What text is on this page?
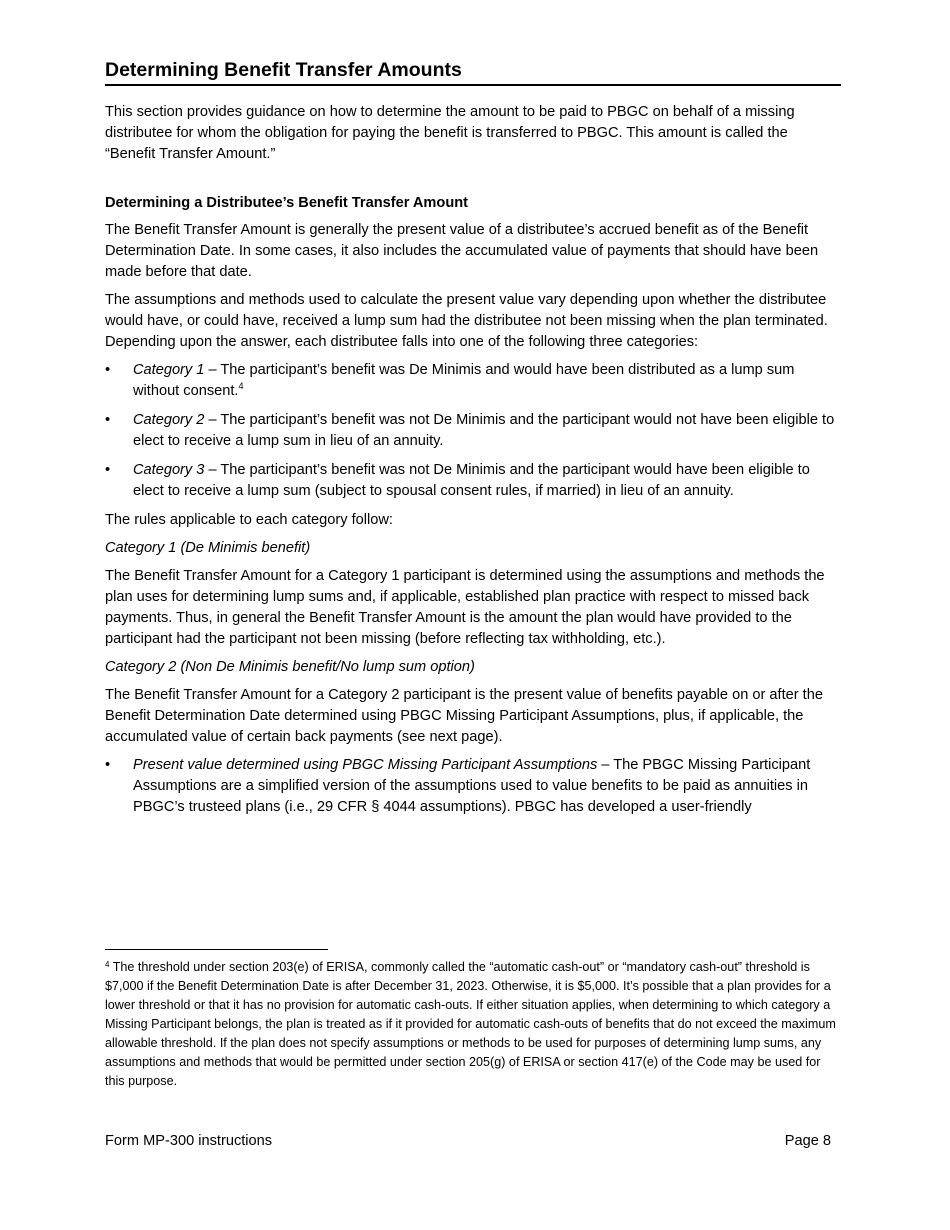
Determining Benefit Transfer Amounts

This section provides guidance on how to determine the amount to be paid to PBGC on behalf of a missing distributee for whom the obligation for paying the benefit is transferred to PBGC. This amount is called the “Benefit Transfer Amount.”

Determining a Distributee’s Benefit Transfer Amount

The Benefit Transfer Amount is generally the present value of a distributee’s accrued benefit as of the Benefit Determination Date. In some cases, it also includes the accumulated value of payments that should have been made before that date.

The assumptions and methods used to calculate the present value vary depending upon whether the distributee would have, or could have, received a lump sum had the distributee not been missing when the plan terminated. Depending upon the answer, each distributee falls into one of the following three categories:

• Category 1 – The participant’s benefit was De Minimis and would have been distributed as a lump sum without consent.$^4$
• Category 2 – The participant’s benefit was not De Minimis and the participant would not have been eligible to elect to receive a lump sum in lieu of an annuity.
• Category 3 – The participant’s benefit was not De Minimis and the participant would have been eligible to elect to receive a lump sum (subject to spousal consent rules, if married) in lieu of an annuity.

The rules applicable to each category follow:

Category 1 (De Minimis benefit)

The Benefit Transfer Amount for a Category 1 participant is determined using the assumptions and methods the plan uses for determining lump sums and, if applicable, established plan practice with respect to missed back payments. Thus, in general the Benefit Transfer Amount is the amount the plan would have provided to the participant had the participant not been missing (before reflecting tax withholding, etc.).

Category 2 (Non De Minimis benefit/No lump sum option)

The Benefit Transfer Amount for a Category 2 participant is the present value of benefits payable on or after the Benefit Determination Date determined using PBGC Missing Participant Assumptions, plus, if applicable, the accumulated value of certain back payments (see next page).

• Present value determined using PBGC Missing Participant Assumptions – The PBGC Missing Participant Assumptions are a simplified version of the assumptions used to value benefits to be paid as annuities in PBGC’s trusteed plans (i.e., 29 CFR § 4044 assumptions). PBGC has developed a user-friendly

$^4$ The threshold under section 203(e) of ERISA, commonly called the “automatic cash-out” or “mandatory cash-out” threshold is $7,000 if the Benefit Determination Date is after December 31, 2023. Otherwise, it is $5,000. It’s possible that a plan provides for a lower threshold or that it has no provision for automatic cash-outs. If either situation applies, when determining to which category a Missing Participant belongs, the plan is treated as if it provided for automatic cash-outs of benefits that do not exceed the maximum allowable threshold. If the plan does not specify assumptions or methods to be used for purposes of determining lump sums, any assumptions and methods that would be permitted under section 205(g) of ERISA or section 417(e) of the Code may be used for this purpose.

Form MP-300 instructions	Page 8
